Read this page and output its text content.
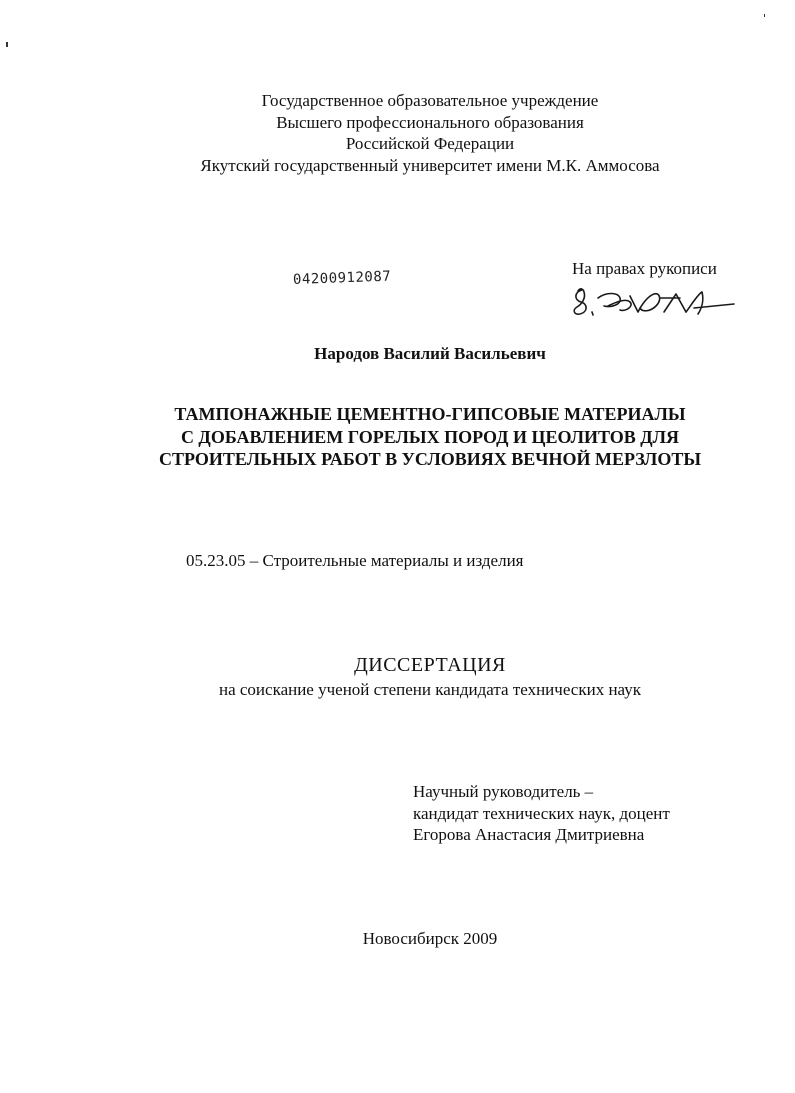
Государственное образовательное учреждение
Высшего профессионального образования
Российской Федерации
Якутский государственный университет имени М.К. Аммосова
04200912087
На правах рукописи
Народов Василий Васильевич
ТАМПОНАЖНЫЕ ЦЕМЕНТНО-ГИПСОВЫЕ МАТЕРИАЛЫ
С ДОБАВЛЕНИЕМ ГОРЕЛЫХ ПОРОД И ЦЕОЛИТОВ ДЛЯ
СТРОИТЕЛЬНЫХ РАБОТ В УСЛОВИЯХ ВЕЧНОЙ МЕРЗЛОТЫ
05.23.05 – Строительные материалы и изделия
ДИССЕРТАЦИЯ
на соискание ученой степени кандидата технических наук
Научный руководитель –
кандидат технических наук, доцент
Егорова Анастасия Дмитриевна
Новосибирск 2009
